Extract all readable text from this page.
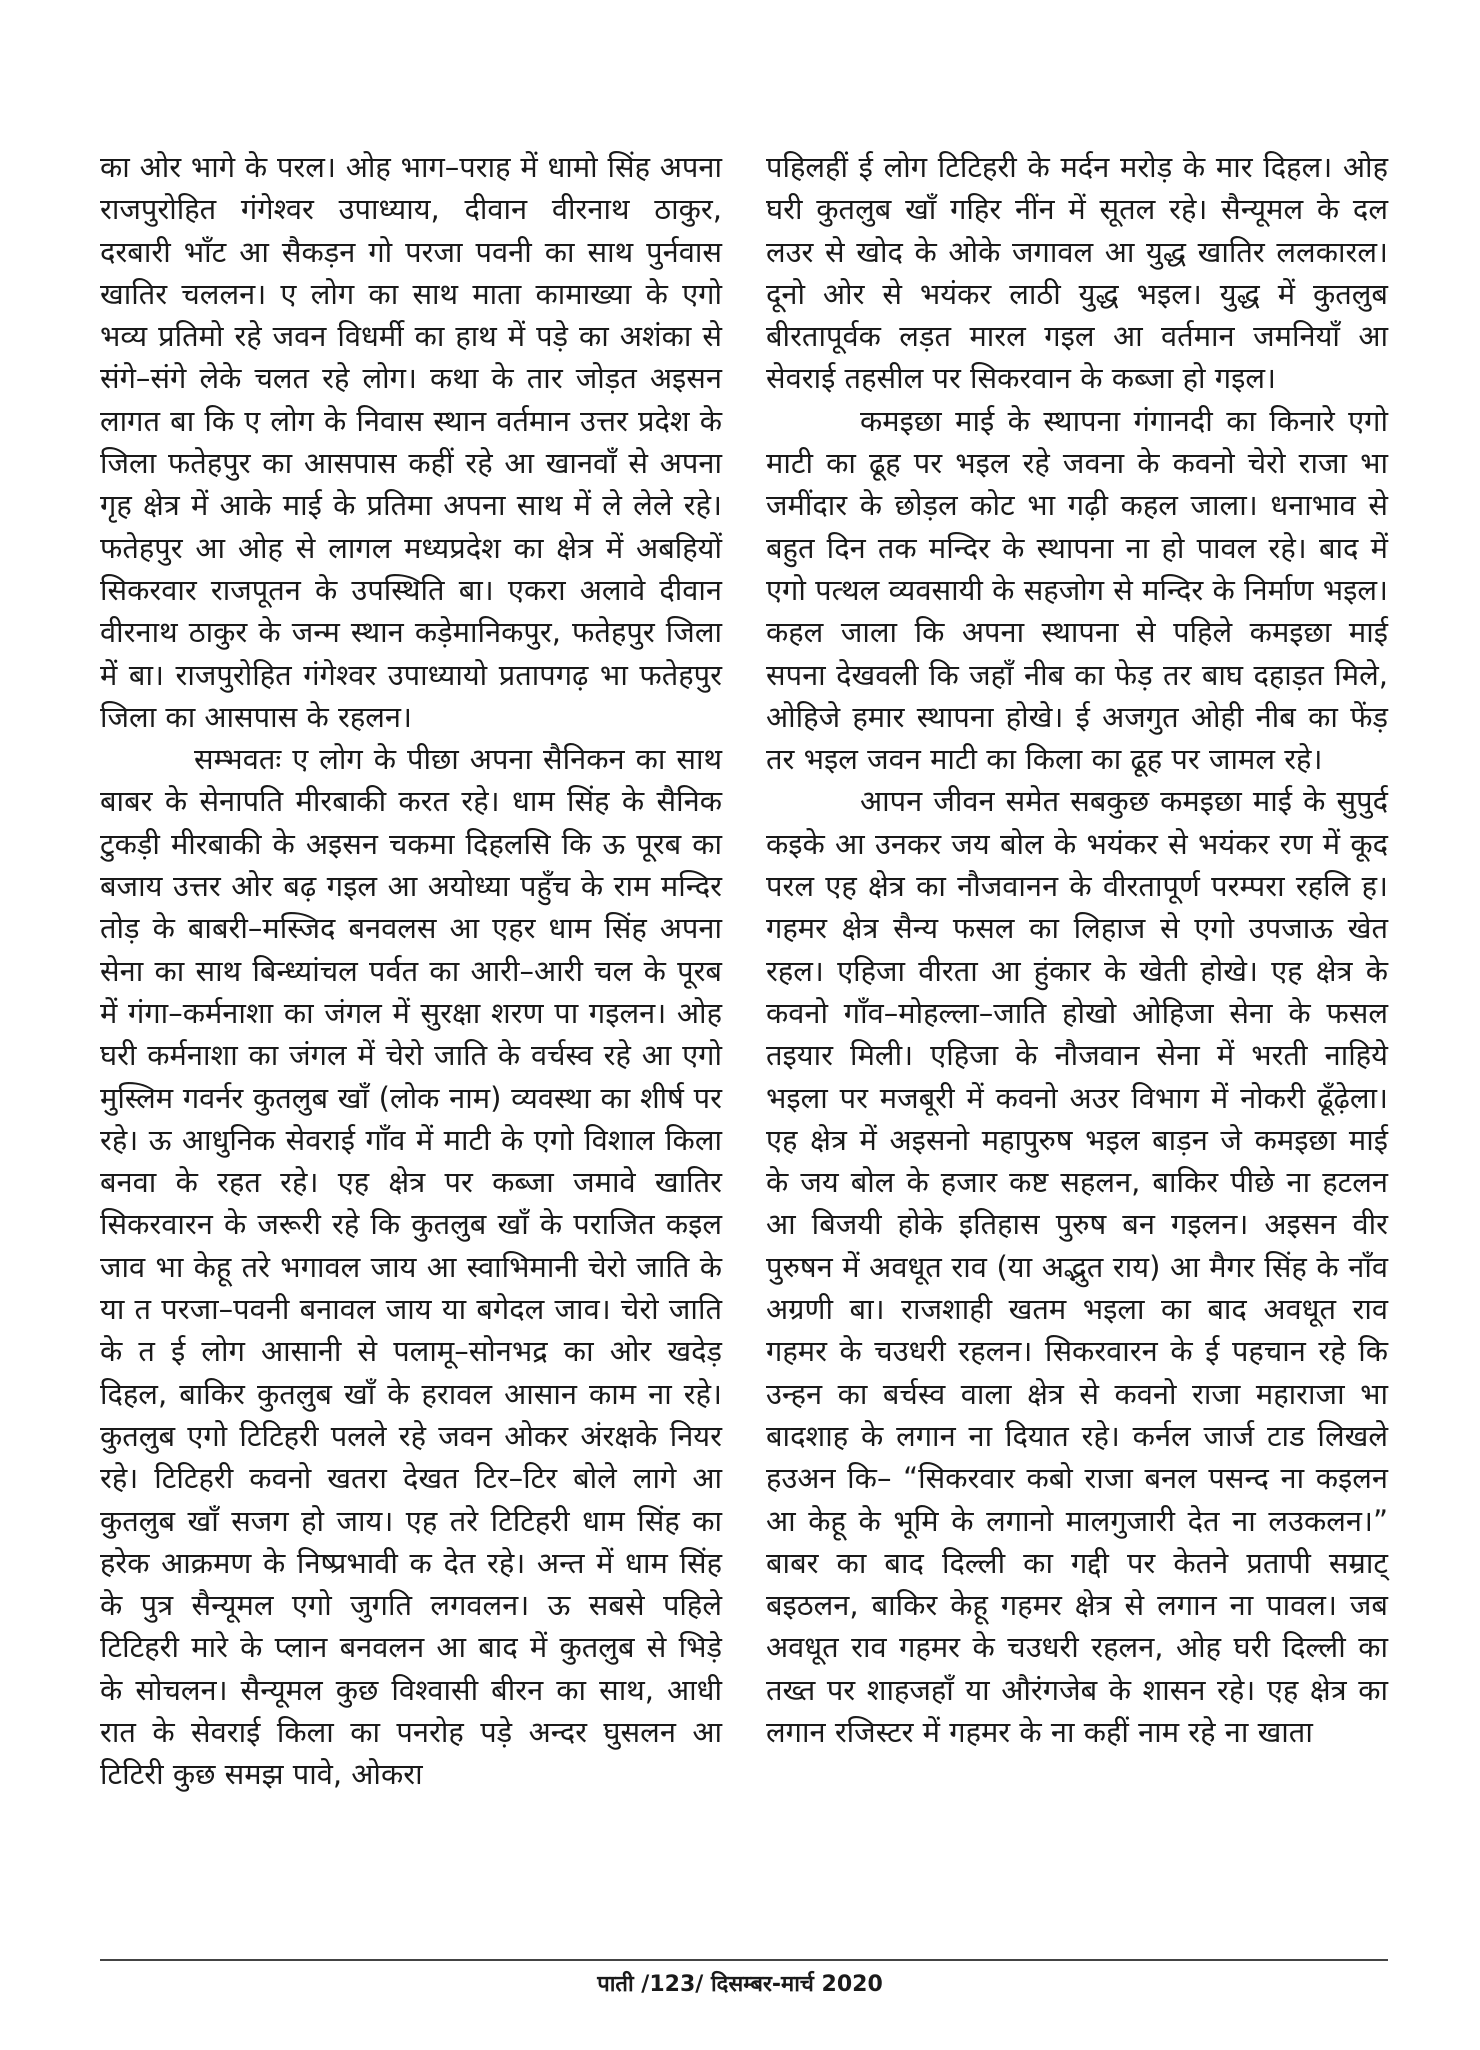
का ओर भागे के परल। ओह भाग–पराह में धामो सिंह अपना राजपुरोहित गंगेश्वर उपाध्याय, दीवान वीरनाथ ठाकुर, दरबारी भाँट आ सैकड़न गो परजा पवनी का साथ पुर्नवास खातिर चललन। ए लोग का साथ माता कामाख्या के एगो भव्य प्रतिमो रहे जवन विधर्मी का हाथ में पड़े का अशंका से संगे–संगे लेके चलत रहे लोग। कथा के तार जोड़त अइसन लागत बा कि ए लोग के निवास स्थान वर्तमान उत्तर प्रदेश के जिला फतेहपुर का आसपास कहीं रहे आ खानवाँ से अपना गृह क्षेत्र में आके माई के प्रतिमा अपना साथ में ले लेले रहे। फतेहपुर आ ओह से लागल मध्यप्रदेश का क्षेत्र में अबहियों सिकरवार राजपूतन के उपस्थिति बा। एकरा अलावे दीवान वीरनाथ ठाकुर के जन्म स्थान कड़ेमानिकपुर, फतेहपुर जिला में बा। राजपुरोहित गंगेश्वर उपाध्यायो प्रतापगढ़ भा फतेहपुर जिला का आसपास के रहलन।

सम्भवतः ए लोग के पीछा अपना सैनिकन का साथ बाबर के सेनापति मीरबाकी करत रहे। धाम सिंह के सैनिक टुकड़ी मीरबाकी के अइसन चकमा दिहलसि कि ऊ पूरब का बजाय उत्तर ओर बढ़ गइल आ अयोध्या पहुँच के राम मन्दिर तोड़ के बाबरी–मस्जिद बनवलस आ एहर धाम सिंह अपना सेना का साथ बिन्ध्यांचल पर्वत का आरी–आरी चल के पूरब में गंगा–कर्मनाशा का जंगल में सुरक्षा शरण पा गइलन। ओह घरी कर्मनाशा का जंगल में चेरो जाति के वर्चस्व रहे आ एगो मुस्लिम गवर्नर कुतलुब खाँ (लोक नाम) व्यवस्था का शीर्ष पर रहे। ऊ आधुनिक सेवराई गाँव में माटी के एगो विशाल किला बनवा के रहत रहे। एह क्षेत्र पर कब्जा जमावे खातिर सिकरवारन के जरूरी रहे कि कुतलुब खाँ के पराजित कइल जाव भा केहू तरे भगावल जाय आ स्वाभिमानी चेरो जाति के या त परजा–पवनी बनावल जाय या बगेदल जाव। चेरो जाति के त ई लोग आसानी से पलामू–सोनभद्र का ओर खदेड़ दिहल, बाकिर कुतलुब खाँ के हरावल आसान काम ना रहे। कुतलुब एगो टिटिहरी पलले रहे जवन ओकर अंरक्षके नियर रहे। टिटिहरी कवनो खतरा देखत टिर–टिर बोले लागे आ कुतलुब खाँ सजग हो जाय। एह तरे टिटिहरी धाम सिंह का हरेक आक्रमण के निष्प्रभावी क देत रहे। अन्त में धाम सिंह के पुत्र सैन्यूमल एगो जुगति लगवलन। ऊ सबसे पहिले टिटिहरी मारे के प्लान बनवलन आ बाद में कुतलुब से भिड़े के सोचलन। सैन्यूमल कुछ विश्वासी बीरन का साथ, आधी रात के सेवराई किला का पनरोह पड़े अन्दर घुसलन आ टिटिरी कुछ समझ पावे, ओकरा

पहिलहीं ई लोग टिटिहरी के मर्दन मरोड़ के मार दिहल। ओह घरी कुतलुब खाँ गहिर नींन में सूतल रहे। सैन्यूमल के दल लउर से खोद के ओके जगावल आ युद्ध खातिर ललकारल। दूनो ओर से भयंकर लाठी युद्ध भइल। युद्ध में कुतलुब बीरतापूर्वक लड़त मारल गइल आ वर्तमान जमनियाँ आ सेवराई तहसील पर सिकरवान के कब्जा हो गइल।

कमइछा माई के स्थापना गंगानदी का किनारे एगो माटी का ढूह पर भइल रहे जवना के कवनो चेरो राजा भा जमींदार के छोड़ल कोट भा गढ़ी कहल जाला। धनाभाव से बहुत दिन तक मन्दिर के स्थापना ना हो पावल रहे। बाद में एगो पत्थल व्यवसायी के सहजोग से मन्दिर के निर्माण भइल। कहल जाला कि अपना स्थापना से पहिले कमइछा माई सपना देखवली कि जहाँ नीब का फेड़ तर बाघ दहाड़त मिले, ओहिजे हमार स्थापना होखे। ई अजगुत ओही नीब का फेंड़ तर भइल जवन माटी का किला का ढूह पर जामल रहे।

आपन जीवन समेत सबकुछ कमइछा माई के सुपुर्द कइके आ उनकर जय बोल के भयंकर से भयंकर रण में कूद परल एह क्षेत्र का नौजवानन के वीरतापूर्ण परम्परा रहलि ह। गहमर क्षेत्र सैन्य फसल का लिहाज से एगो उपजाऊ खेत रहल। एहिजा वीरता आ हुंकार के खेती होखे। एह क्षेत्र के कवनो गाँव–मोहल्ला–जाति होखो ओहिजा सेना के फसल तइयार मिली। एहिजा के नौजवान सेना में भरती नाहिये भइला पर मजबूरी में कवनो अउर विभाग में नोकरी ढूँढ़ेला। एह क्षेत्र में अइसनो महापुरुष भइल बाड़न जे कमइछा माई के जय बोल के हजार कष्ट सहलन, बाकिर पीछे ना हटलन आ बिजयी होके इतिहास पुरुष बन गइलन। अइसन वीर पुरुषन में अवधूत राव (या अद्भुत राय) आ मैगर सिंह के नाँव अग्रणी बा। राजशाही खतम भइला का बाद अवधूत राव गहमर के चउधरी रहलन। सिकरवारन के ई पहचान रहे कि उन्हन का बर्चस्व वाला क्षेत्र से कवनो राजा महाराजा भा बादशाह के लगान ना दियात रहे। कर्नल जार्ज टाड लिखले हउअन कि– “सिकरवार कबो राजा बनल पसन्द ना कइलन आ केहू के भूमि के लगानो मालगुजारी देत ना लउकलन।” बाबर का बाद दिल्ली का गद्दी पर केतने प्रतापी सम्राट् बइठलन, बाकिर केहू गहमर क्षेत्र से लगान ना पावल। जब अवधूत राव गहमर के चउधरी रहलन, ओह घरी दिल्ली का तख्त पर शाहजहाँ या औरंगजेब के शासन रहे। एह क्षेत्र का लगान रजिस्टर में गहमर के ना कहीं नाम रहे ना खाता

पाती /123/ दिसम्बर-मार्च 2020
